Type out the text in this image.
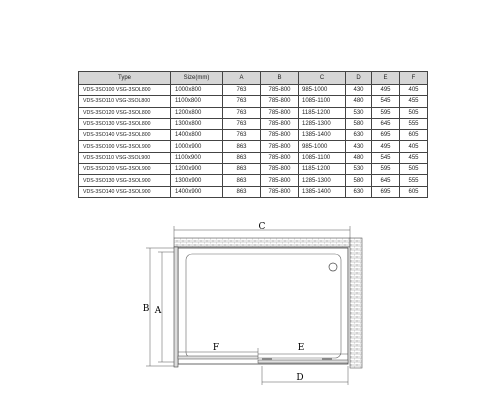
Type	Size(mm)	A	B	C	D	E	F
VDS-3SO100 VSG-3SOL800	1000x800	763	785-800	985-1000	430	495	405
VDS-3SO110 VSG-3SOL800	1100x800	763	785-800	1085-1100	480	545	455
VDS-3SO120 VSG-3SOL800	1200x800	763	785-800	1185-1200	530	595	505
VDS-3SO130 VSG-3SOL800	1300x800	763	785-800	1285-1300	580	645	555
VDS-3SO140 VSG-3SOL800	1400x800	763	785-800	1385-1400	630	695	605
VDS-3SO100 VSG-3SOL900	1000x900	863	785-800	985-1000	430	495	405
VDS-3SO110 VSG-3SOL900	1100x900	863	785-800	1085-1100	480	545	455
VDS-3SO120 VSG-3SOL900	1200x900	863	785-800	1185-1200	530	595	505
VDS-3SO130 VSG-3SOL900	1300x900	863	785-800	1285-1300	580	645	555
VDS-3SO140 VSG-3SOL900	1400x900	863	785-800	1385-1400	630	695	605
C
B A
F	E
D
